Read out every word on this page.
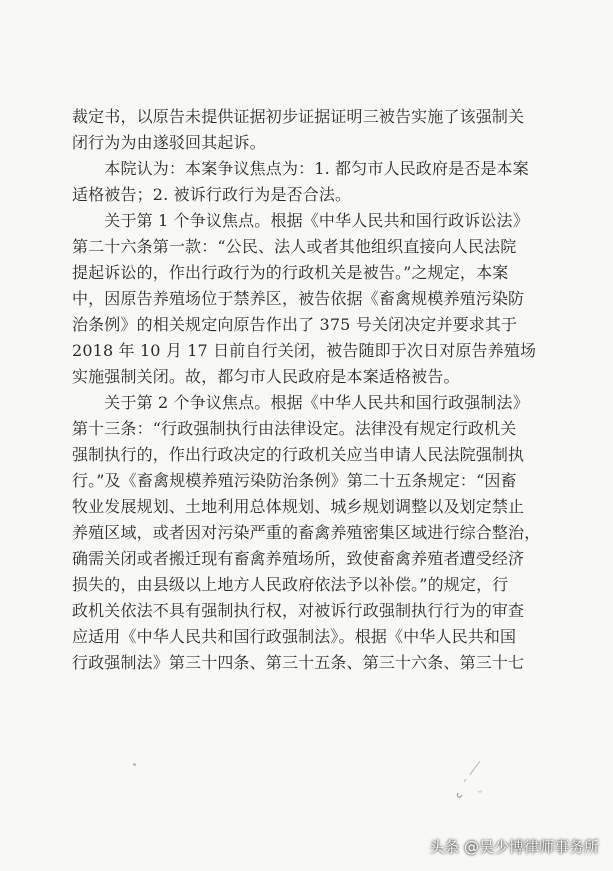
裁定书，以原告未提供证据初步证据证明三被告实施了该强制关
闭行为为由遂驳回其起诉。
　　本院认为：本案争议焦点为：1. 都匀市人民政府是否是本案
适格被告；2. 被诉行政行为是否合法。
　　关于第 1 个争议焦点。根据《中华人民共和国行政诉讼法》
第二十六条第一款：“公民、法人或者其他组织直接向人民法院
提起诉讼的，作出行政行为的行政机关是被告。”之规定，本案
中，因原告养殖场位于禁养区，被告依据《畜禽规模养殖污染防
治条例》的相关规定向原告作出了 375 号关闭决定并要求其于
2018 年 10 月 17 日前自行关闭，被告随即于次日对原告养殖场
实施强制关闭。故，都匀市人民政府是本案适格被告。
　　关于第 2 个争议焦点。根据《中华人民共和国行政强制法》
第十三条：“行政强制执行由法律设定。法律没有规定行政机关
强制执行的，作出行政决定的行政机关应当申请人民法院强制执
行。”及《畜禽规模养殖污染防治条例》第二十五条规定：“因畜
牧业发展规划、土地利用总体规划、城乡规划调整以及划定禁止
养殖区域，或者因对污染严重的畜禽养殖密集区域进行综合整治，
确需关闭或者搬迁现有畜禽养殖场所，致使畜禽养殖者遭受经济
损失的，由县级以上地方人民政府依法予以补偿。”的规定，行
政机关依法不具有强制执行权，对被诉行政强制执行行为的审查
应适用《中华人民共和国行政强制法》。根据《中华人民共和国
行政强制法》第三十四条、第三十五条、第三十六条、第三十七
头条 @吴少博律师事务所
